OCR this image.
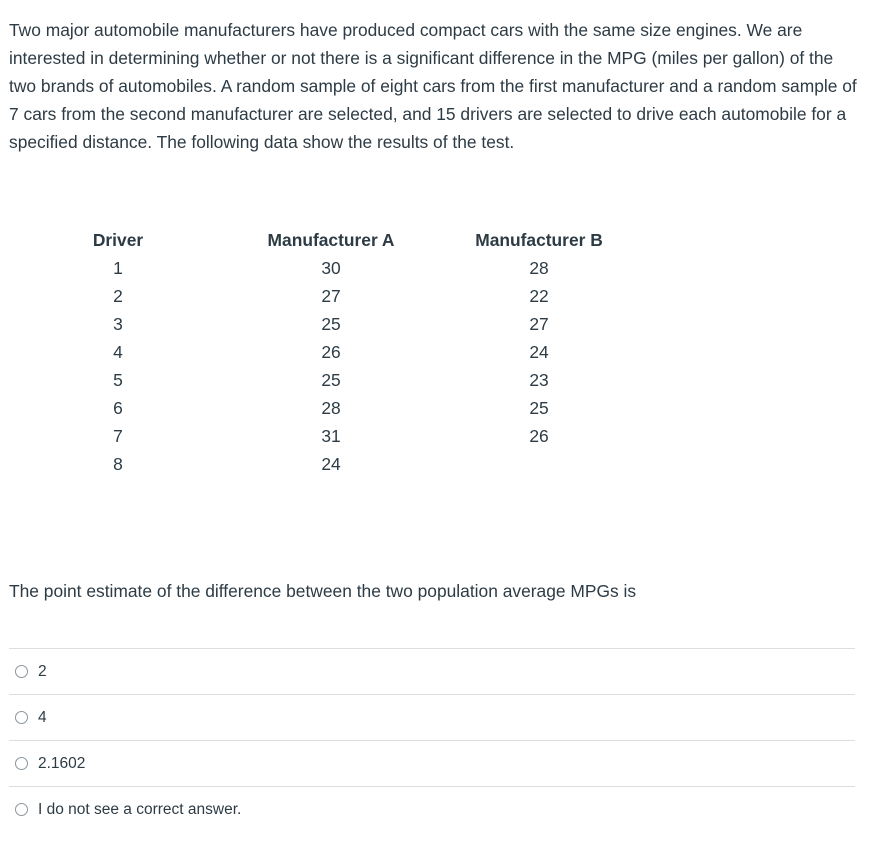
Two major automobile manufacturers have produced compact cars with the same size engines. We are interested in determining whether or not there is a significant difference in the MPG (miles per gallon) of the two brands of automobiles. A random sample of eight cars from the first manufacturer and a random sample of 7 cars from the second manufacturer are selected, and 15 drivers are selected to drive each automobile for a specified distance. The following data show the results of the test.

Driver	Manufacturer A	Manufacturer B
1	30	28
2	27	22
3	25	27
4	26	24
5	25	23
6	28	25
7	31	26
8	24	

The point estimate of the difference between the two population average MPGs is

2
4
2.1602
I do not see a correct answer.
